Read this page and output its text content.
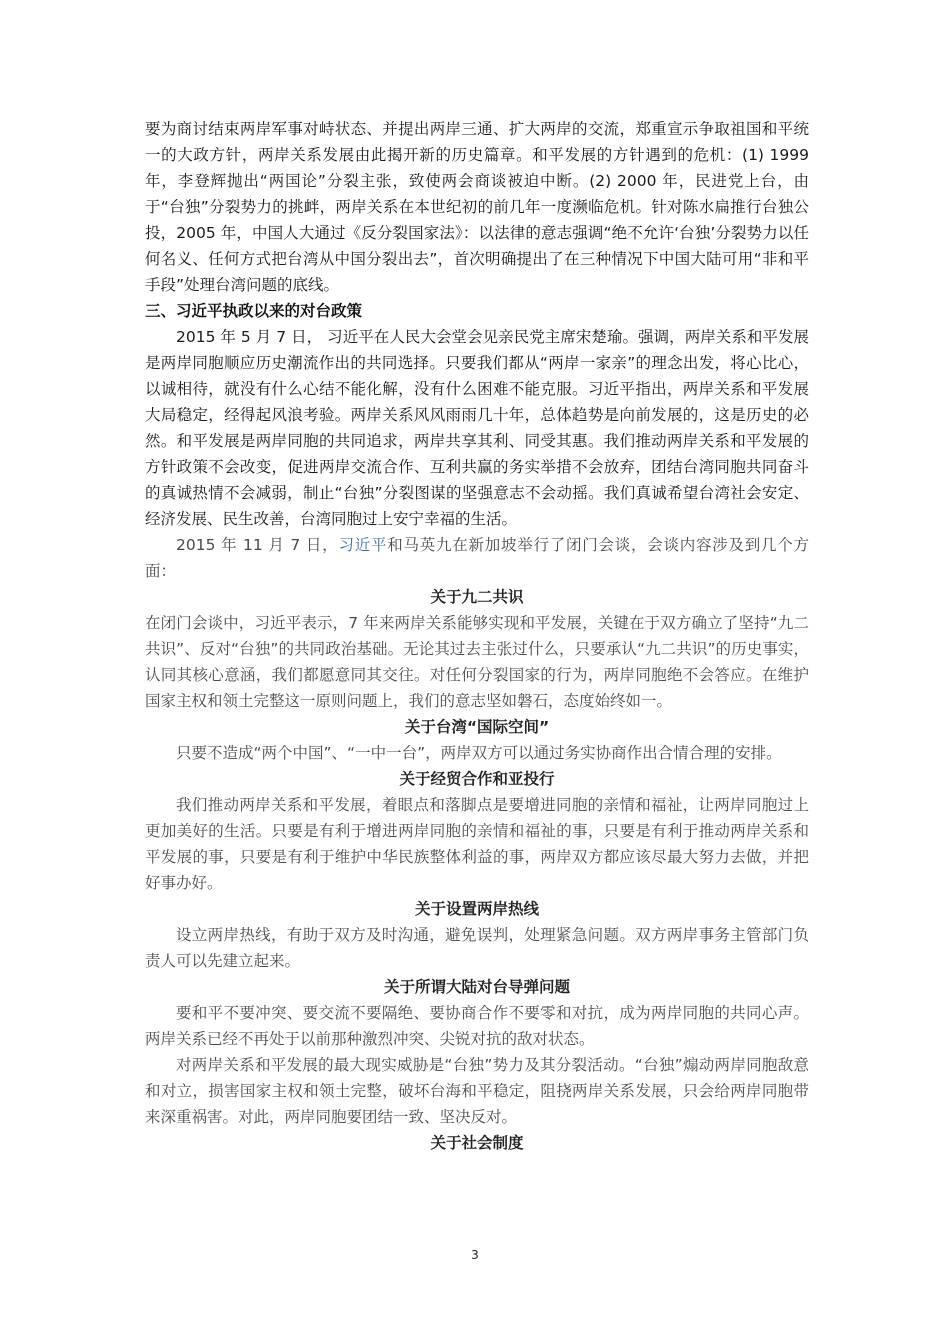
要为商讨结束两岸军事对峙状态、并提出两岸三通、扩大两岸的交流，郑重宣示争取祖国和平统一的大政方针，两岸关系发展由此揭开新的历史篇章。和平发展的方针遇到的危机：(1) 1999 年，李登辉抛出“两国论”分裂主张，致使两会商谈被迫中断。(2) 2000 年，民进党上台，由于“台独”分裂势力的挑衅，两岸关系在本世纪初的前几年一度濒临危机。针对陈水扁推行台独公投，2005 年，中国人大通过《反分裂国家法》：以法律的意志强调“绝不允许‘台独’分裂势力以任何名义、任何方式把台湾从中国分裂出去”，首次明确提出了在三种情况下中国大陆可用“非和平手段”处理台湾问题的底线。

三、习近平执政以来的对台政策

2015 年 5 月 7 日， 习近平在人民大会堂会见亲民党主席宋楚瑜。强调，两岸关系和平发展是两岸同胞顺应历史潮流作出的共同选择。只要我们都从“两岸一家亲”的理念出发，将心比心，以诚相待，就没有什么心结不能化解，没有什么困难不能克服。习近平指出，两岸关系和平发展大局稳定，经得起风浪考验。两岸关系风风雨雨几十年，总体趋势是向前发展的，这是历史的必然。和平发展是两岸同胞的共同追求，两岸共享其利、同受其惠。我们推动两岸关系和平发展的方针政策不会改变，促进两岸交流合作、互利共赢的务实举措不会放弃，团结台湾同胞共同奋斗的真诚热情不会减弱，制止“台独”分裂图谋的坚强意志不会动摇。我们真诚希望台湾社会安定、经济发展、民生改善，台湾同胞过上安宁幸福的生活。

2015 年 11 月 7 日，习近平和马英九在新加坡举行了闭门会谈，会谈内容涉及到几个方面：

关于九二共识

在闭门会谈中，习近平表示，7 年来两岸关系能够实现和平发展，关键在于双方确立了坚持“九二共识”、反对“台独”的共同政治基础。无论其过去主张过什么，只要承认“九二共识”的历史事实，认同其核心意涵，我们都愿意同其交往。对任何分裂国家的行为，两岸同胞绝不会答应。在维护国家主权和领土完整这一原则问题上，我们的意志坚如磐石，态度始终如一。

关于台湾“国际空间”

只要不造成“两个中国”、“一中一台”，两岸双方可以通过务实协商作出合情合理的安排。

关于经贸合作和亚投行

我们推动两岸关系和平发展，着眼点和落脚点是要增进同胞的亲情和福祉，让两岸同胞过上更加美好的生活。只要是有利于增进两岸同胞的亲情和福祉的事，只要是有利于推动两岸关系和平发展的事，只要是有利于维护中华民族整体利益的事，两岸双方都应该尽最大努力去做，并把好事办好。

关于设置两岸热线

设立两岸热线，有助于双方及时沟通，避免误判，处理紧急问题。双方两岸事务主管部门负责人可以先建立起来。

关于所谓大陆对台导弹问题

要和平不要冲突、要交流不要隔绝、要协商合作不要零和对抗，成为两岸同胞的共同心声。两岸关系已经不再处于以前那种激烈冲突、尖锐对抗的敌对状态。

对两岸关系和平发展的最大现实威胁是“台独”势力及其分裂活动。“台独”煽动两岸同胞敌意和对立，损害国家主权和领土完整，破坏台海和平稳定，阻挠两岸关系发展，只会给两岸同胞带来深重祸害。对此，两岸同胞要团结一致、坚决反对。

关于社会制度

3
